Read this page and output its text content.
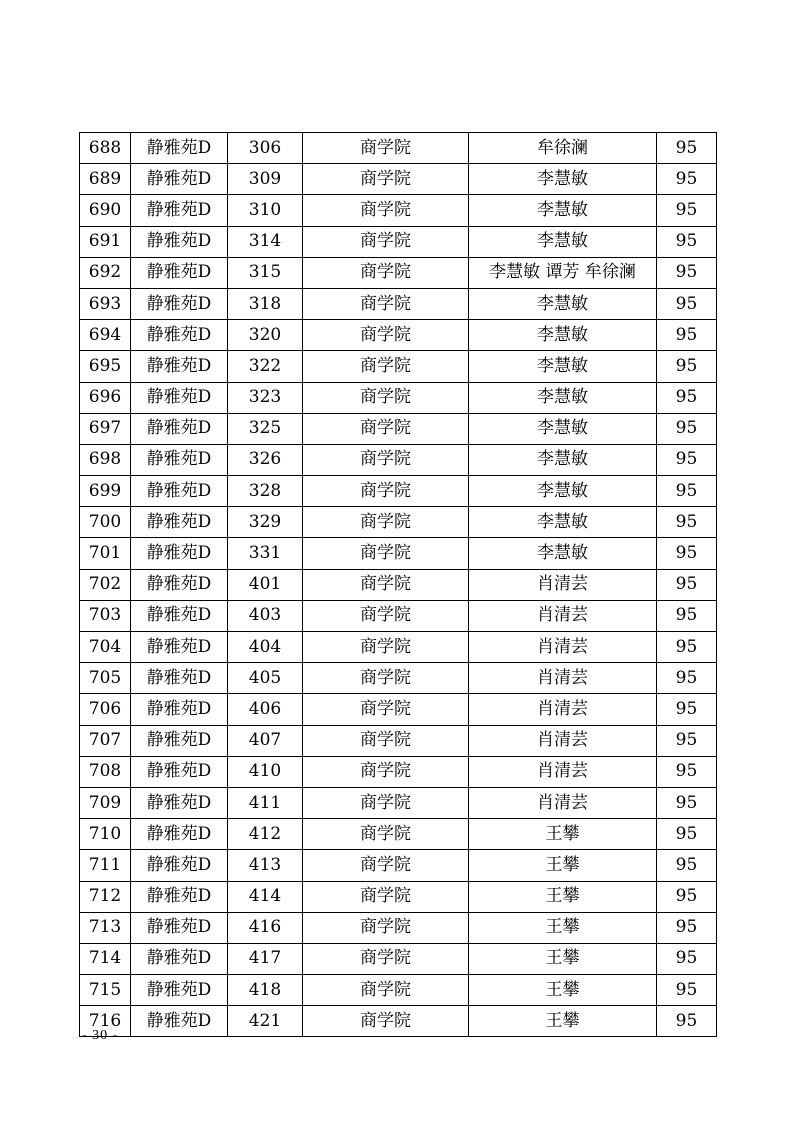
688	静雅苑D	306	商学院	牟徐澜	95
689	静雅苑D	309	商学院	李慧敏	95
690	静雅苑D	310	商学院	李慧敏	95
691	静雅苑D	314	商学院	李慧敏	95
692	静雅苑D	315	商学院	李慧敏 谭芳 牟徐澜	95
693	静雅苑D	318	商学院	李慧敏	95
694	静雅苑D	320	商学院	李慧敏	95
695	静雅苑D	322	商学院	李慧敏	95
696	静雅苑D	323	商学院	李慧敏	95
697	静雅苑D	325	商学院	李慧敏	95
698	静雅苑D	326	商学院	李慧敏	95
699	静雅苑D	328	商学院	李慧敏	95
700	静雅苑D	329	商学院	李慧敏	95
701	静雅苑D	331	商学院	李慧敏	95
702	静雅苑D	401	商学院	肖清芸	95
703	静雅苑D	403	商学院	肖清芸	95
704	静雅苑D	404	商学院	肖清芸	95
705	静雅苑D	405	商学院	肖清芸	95
706	静雅苑D	406	商学院	肖清芸	95
707	静雅苑D	407	商学院	肖清芸	95
708	静雅苑D	410	商学院	肖清芸	95
709	静雅苑D	411	商学院	肖清芸	95
710	静雅苑D	412	商学院	王攀	95
711	静雅苑D	413	商学院	王攀	95
712	静雅苑D	414	商学院	王攀	95
713	静雅苑D	416	商学院	王攀	95
714	静雅苑D	417	商学院	王攀	95
715	静雅苑D	418	商学院	王攀	95
716	静雅苑D	421	商学院	王攀	95
- 30 -
